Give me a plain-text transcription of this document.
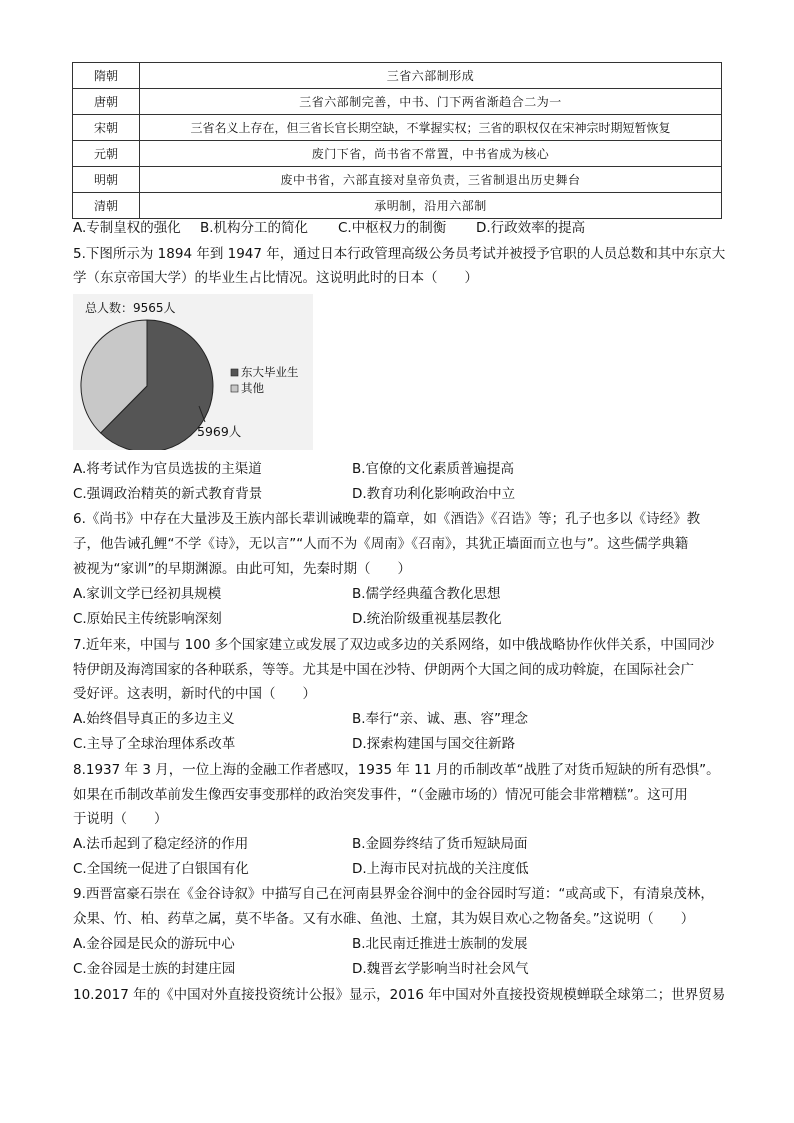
隋朝	三省六部制形成
唐朝	三省六部制完善，中书、门下两省渐趋合二为一
宋朝	三省名义上存在，但三省长官长期空缺，不掌握实权；三省的职权仅在宋神宗时期短暂恢复
元朝	废门下省，尚书省不常置，中书省成为核心
明朝	废中书省，六部直接对皇帝负责，三省制退出历史舞台
清朝	承明制，沿用六部制
A.专制皇权的强化 B.机构分工的简化 C.中枢权力的制衡 D.行政效率的提高
5.下图所示为 1894 年到 1947 年，通过日本行政管理高级公务员考试并被授予官职的人员总数和其中东京大
学（东京帝国大学）的毕业生占比情况。这说明此时的日本（　　）
总人数：9565人
5969人
东大毕业生
其他
A.将考试作为官员选拔的主渠道	B.官僚的文化素质普遍提高
C.强调政治精英的新式教育背景	D.教育功利化影响政治中立
6.《尚书》中存在大量涉及王族内部长辈训诫晚辈的篇章，如《酒诰》《召诰》等；孔子也多以《诗经》教
子，他告诫孔鲤“不学《诗》，无以言”“人而不为《周南》《召南》，其犹正墙面而立也与”。这些儒学典籍
被视为“家训”的早期渊源。由此可知，先秦时期（　　）
A.家训文学已经初具规模	B.儒学经典蕴含教化思想
C.原始民主传统影响深刻	D.统治阶级重视基层教化
7.近年来，中国与 100 多个国家建立或发展了双边或多边的关系网络，如中俄战略协作伙伴关系，中国同沙
特伊朗及海湾国家的各种联系，等等。尤其是中国在沙特、伊朗两个大国之间的成功斡旋，在国际社会广
受好评。这表明，新时代的中国（　　）
A.始终倡导真正的多边主义	B.奉行“亲、诚、惠、容”理念
C.主导了全球治理体系改革	D.探索构建国与国交往新路
8.1937 年 3 月，一位上海的金融工作者感叹，1935 年 11 月的币制改革“战胜了对货币短缺的所有恐惧”。
如果在币制改革前发生像西安事变那样的政治突发事件，“（金融市场的）情况可能会非常糟糕”。这可用
于说明（　　）
A.法币起到了稳定经济的作用	B.金圆券终结了货币短缺局面
C.全国统一促进了白银国有化	D.上海市民对抗战的关注度低
9.西晋富豪石崇在《金谷诗叙》中描写自己在河南县界金谷涧中的金谷园时写道：“或高或下，有清泉茂林，
众果、竹、柏、药草之属，莫不毕备。又有水碓、鱼池、土窟，其为娱目欢心之物备矣。”这说明（　　）
A.金谷园是民众的游玩中心	B.北民南迁推进士族制的发展
C.金谷园是士族的封建庄园	D.魏晋玄学影响当时社会风气
10.2017 年的《中国对外直接投资统计公报》显示，2016 年中国对外直接投资规模蝉联全球第二；世界贸易
